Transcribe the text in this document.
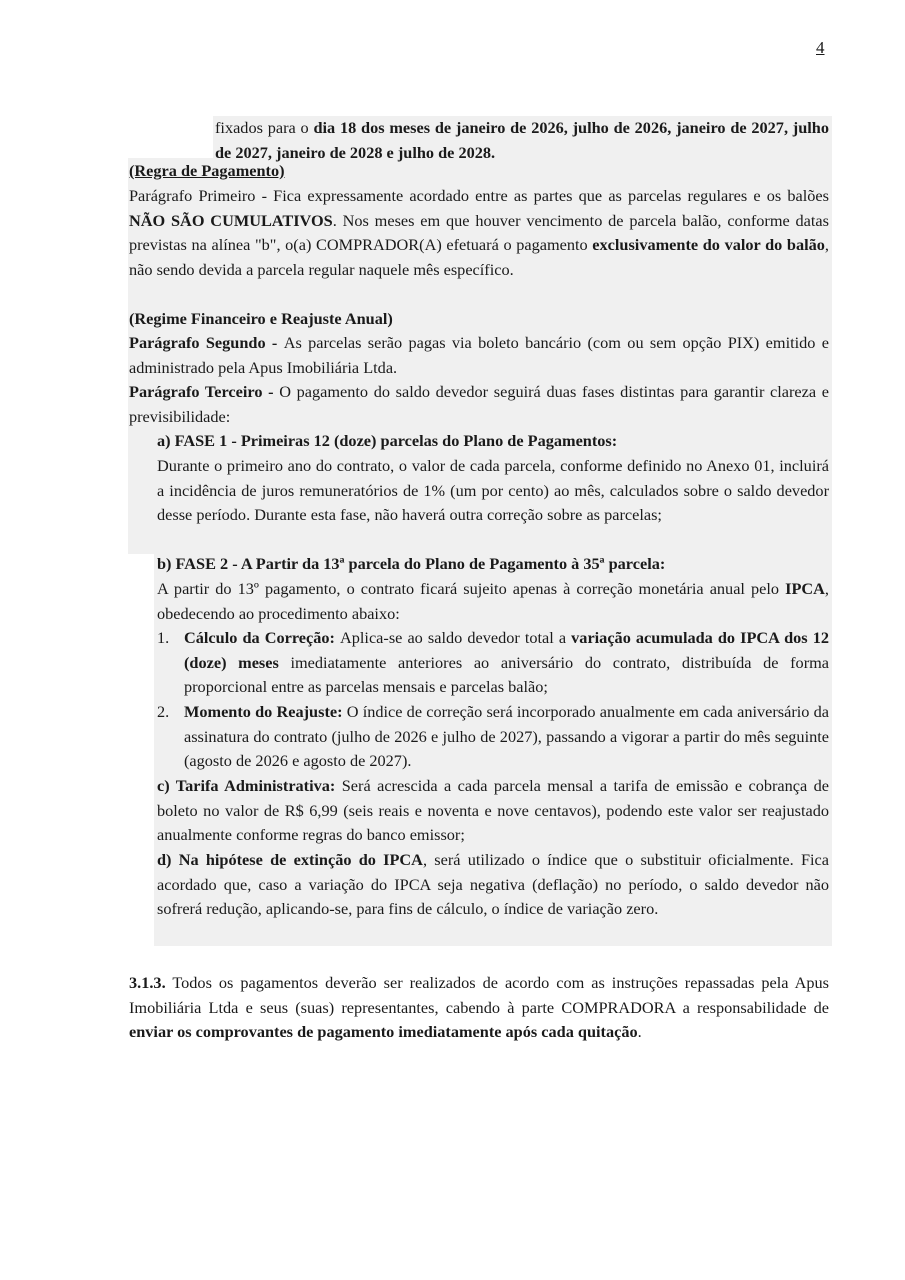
4
fixados para o dia 18 dos meses de janeiro de 2026, julho de 2026, janeiro de 2027, julho de 2027, janeiro de 2028 e julho de 2028.
(Regra de Pagamento)
Parágrafo Primeiro - Fica expressamente acordado entre as partes que as parcelas regulares e os balões NÃO SÃO CUMULATIVOS. Nos meses em que houver vencimento de parcela balão, conforme datas previstas na alínea "b", o(a) COMPRADOR(A) efetuará o pagamento exclusivamente do valor do balão, não sendo devida a parcela regular naquele mês específico.
(Regime Financeiro e Reajuste Anual)
Parágrafo Segundo - As parcelas serão pagas via boleto bancário (com ou sem opção PIX) emitido e administrado pela Apus Imobiliária Ltda.
Parágrafo Terceiro - O pagamento do saldo devedor seguirá duas fases distintas para garantir clareza e previsibilidade:
a) FASE 1 - Primeiras 12 (doze) parcelas do Plano de Pagamentos:
Durante o primeiro ano do contrato, o valor de cada parcela, conforme definido no Anexo 01, incluirá a incidência de juros remuneratórios de 1% (um por cento) ao mês, calculados sobre o saldo devedor desse período. Durante esta fase, não haverá outra correção sobre as parcelas;
b) FASE 2 - A Partir da 13ª parcela do Plano de Pagamento à 35ª parcela:
A partir do 13º pagamento, o contrato ficará sujeito apenas à correção monetária anual pelo IPCA, obedecendo ao procedimento abaixo:
1. Cálculo da Correção: Aplica-se ao saldo devedor total a variação acumulada do IPCA dos 12 (doze) meses imediatamente anteriores ao aniversário do contrato, distribuída de forma proporcional entre as parcelas mensais e parcelas balão;
2. Momento do Reajuste: O índice de correção será incorporado anualmente em cada aniversário da assinatura do contrato (julho de 2026 e julho de 2027), passando a vigorar a partir do mês seguinte (agosto de 2026 e agosto de 2027).
c) Tarifa Administrativa: Será acrescida a cada parcela mensal a tarifa de emissão e cobrança de boleto no valor de R$ 6,99 (seis reais e noventa e nove centavos), podendo este valor ser reajustado anualmente conforme regras do banco emissor;
d) Na hipótese de extinção do IPCA, será utilizado o índice que o substituir oficialmente. Fica acordado que, caso a variação do IPCA seja negativa (deflação) no período, o saldo devedor não sofrerá redução, aplicando-se, para fins de cálculo, o índice de variação zero.
3.1.3. Todos os pagamentos deverão ser realizados de acordo com as instruções repassadas pela Apus Imobiliária Ltda e seus (suas) representantes, cabendo à parte COMPRADORA a responsabilidade de enviar os comprovantes de pagamento imediatamente após cada quitação.
